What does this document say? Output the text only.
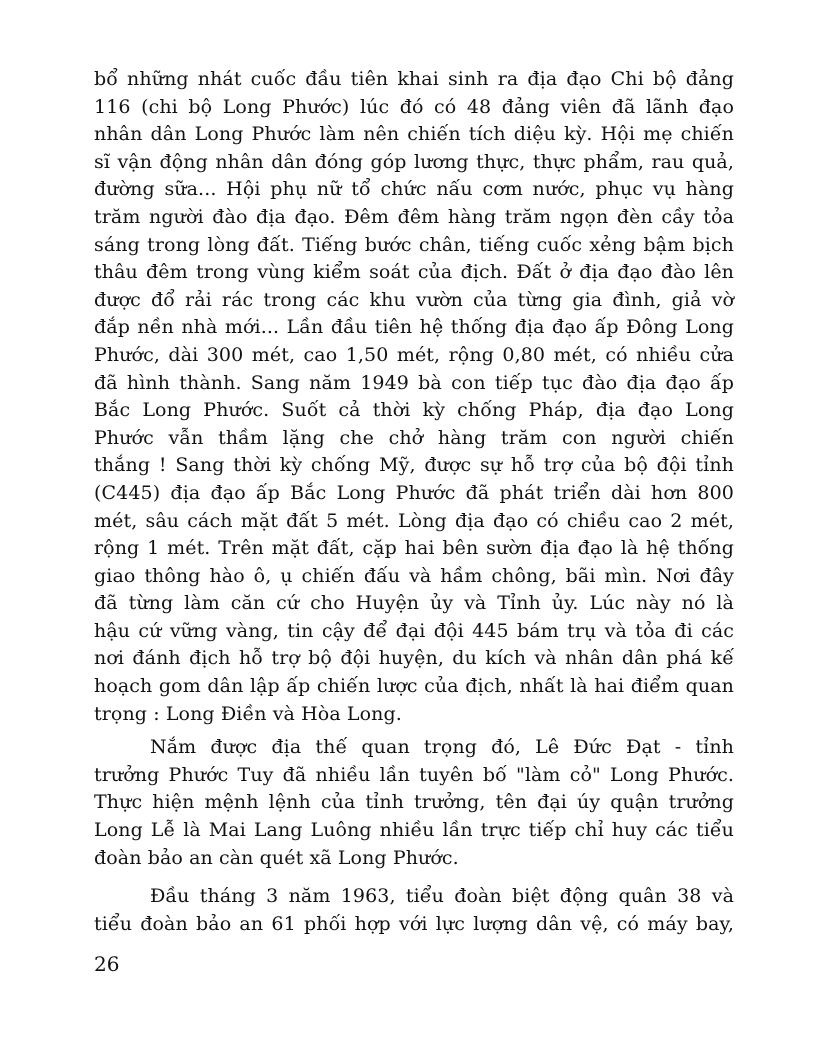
bổ những nhát cuốc đầu tiên khai sinh ra địa đạo Chi bộ đảng
116 (chi bộ Long Phước) lúc đó có 48 đảng viên đã lãnh đạo
nhân dân Long Phước làm nên chiến tích diệu kỳ. Hội mẹ chiến
sĩ vận động nhân dân đóng góp lương thực, thực phẩm, rau quả,
đường sữa... Hội phụ nữ tổ chức nấu cơm nước, phục vụ hàng
trăm người đào địa đạo. Đêm đêm hàng trăm ngọn đèn cầy tỏa
sáng trong lòng đất. Tiếng bước chân, tiếng cuốc xẻng bậm bịch
thâu đêm trong vùng kiểm soát của địch. Đất ở địa đạo đào lên
được đổ rải rác trong các khu vườn của từng gia đình, giả vờ
đắp nền nhà mới... Lần đầu tiên hệ thống địa đạo ấp Đông Long
Phước, dài 300 mét, cao 1,50 mét, rộng 0,80 mét, có nhiều cửa
đã hình thành. Sang năm 1949 bà con tiếp tục đào địa đạo ấp
Bắc Long Phước. Suốt cả thời kỳ chống Pháp, địa đạo Long
Phước vẫn thầm lặng che chở hàng trăm con người chiến
thắng ! Sang thời kỳ chống Mỹ, được sự hỗ trợ của bộ đội tỉnh
(C445) địa đạo ấp Bắc Long Phước đã phát triển dài hơn 800
mét, sâu cách mặt đất 5 mét. Lòng địa đạo có chiều cao 2 mét,
rộng 1 mét. Trên mặt đất, cặp hai bên sườn địa đạo là hệ thống
giao thông hào ô, ụ chiến đấu và hầm chông, bãi mìn. Nơi đây
đã từng làm căn cứ cho Huyện ủy và Tỉnh ủy. Lúc này nó là
hậu cứ vững vàng, tin cậy để đại đội 445 bám trụ và tỏa đi các
nơi đánh địch hỗ trợ bộ đội huyện, du kích và nhân dân phá kế
hoạch gom dân lập ấp chiến lược của địch, nhất là hai điểm quan
trọng : Long Điền và Hòa Long.
Nắm được địa thế quan trọng đó, Lê Đức Đạt - tỉnh
trưởng Phước Tuy đã nhiều lần tuyên bố "làm cỏ" Long Phước.
Thực hiện mệnh lệnh của tỉnh trưởng, tên đại úy quận trưởng
Long Lễ là Mai Lang Luông nhiều lần trực tiếp chỉ huy các tiểu
đoàn bảo an càn quét xã Long Phước.
Đầu tháng 3 năm 1963, tiểu đoàn biệt động quân 38 và
tiểu đoàn bảo an 61 phối hợp với lực lượng dân vệ, có máy bay,
26
